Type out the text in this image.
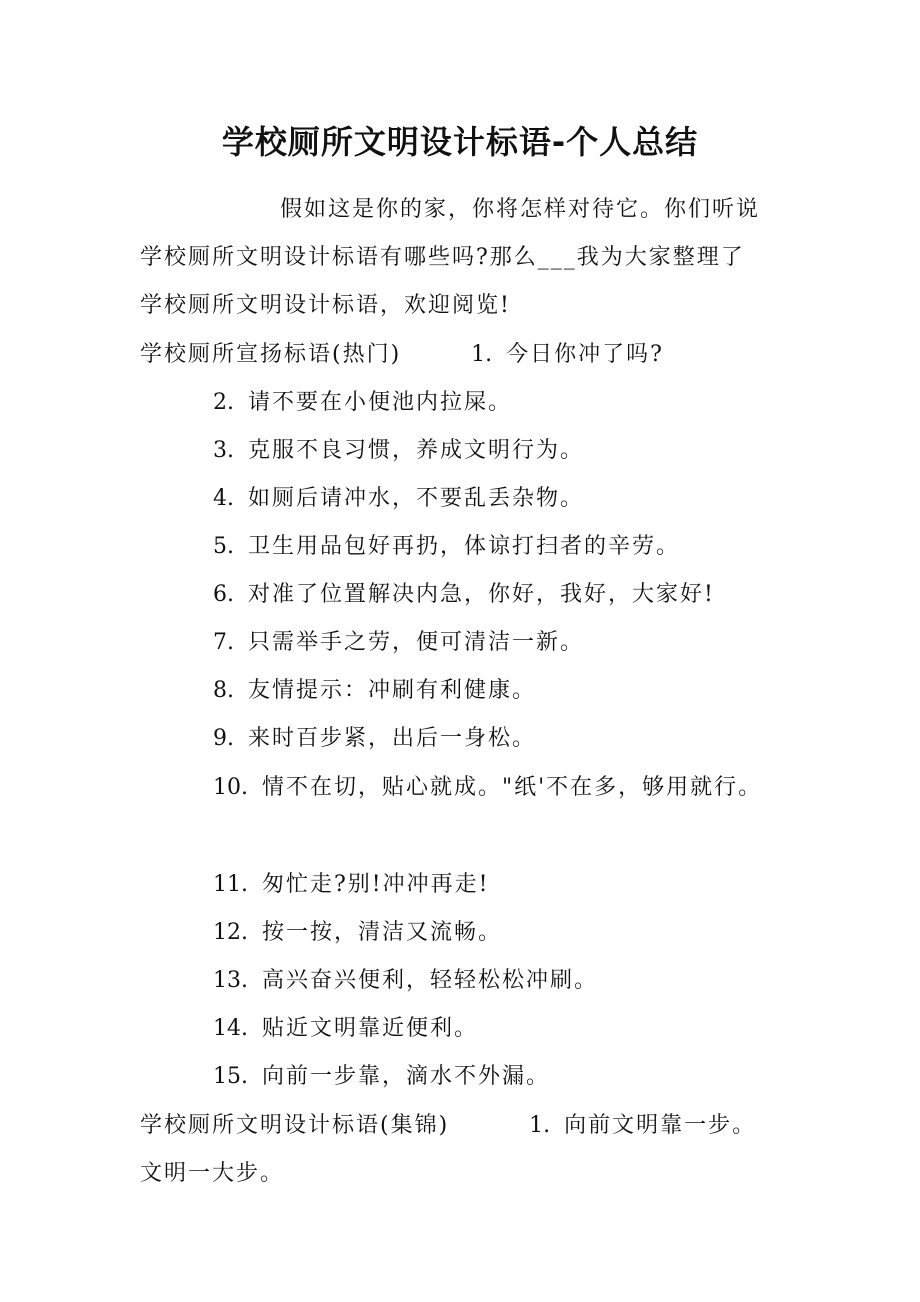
学校厕所文明设计标语-个人总结
假如这是你的家，你将怎样对待它。你们听说
学校厕所文明设计标语有哪些吗?那么___我为大家整理了
学校厕所文明设计标语，欢迎阅览!
学校厕所宣扬标语(热门)	1. 今日你冲了吗?
2. 请不要在小便池内拉屎。
3. 克服不良习惯，养成文明行为。
4. 如厕后请冲水，不要乱丢杂物。
5. 卫生用品包好再扔，体谅打扫者的辛劳。
6. 对准了位置解决内急，你好，我好，大家好!
7. 只需举手之劳，便可清洁一新。
8. 友情提示：冲刷有利健康。
9. 来时百步紧，出后一身松。
10. 情不在切，贴心就成。"纸'不在多，够用就行。
11. 匆忙走?别!冲冲再走!
12. 按一按，清洁又流畅。
13. 高兴奋兴便利，轻轻松松冲刷。
14. 贴近文明靠近便利。
15. 向前一步靠，滴水不外漏。
学校厕所文明设计标语(集锦)	1. 向前文明靠一步。
文明一大步。
